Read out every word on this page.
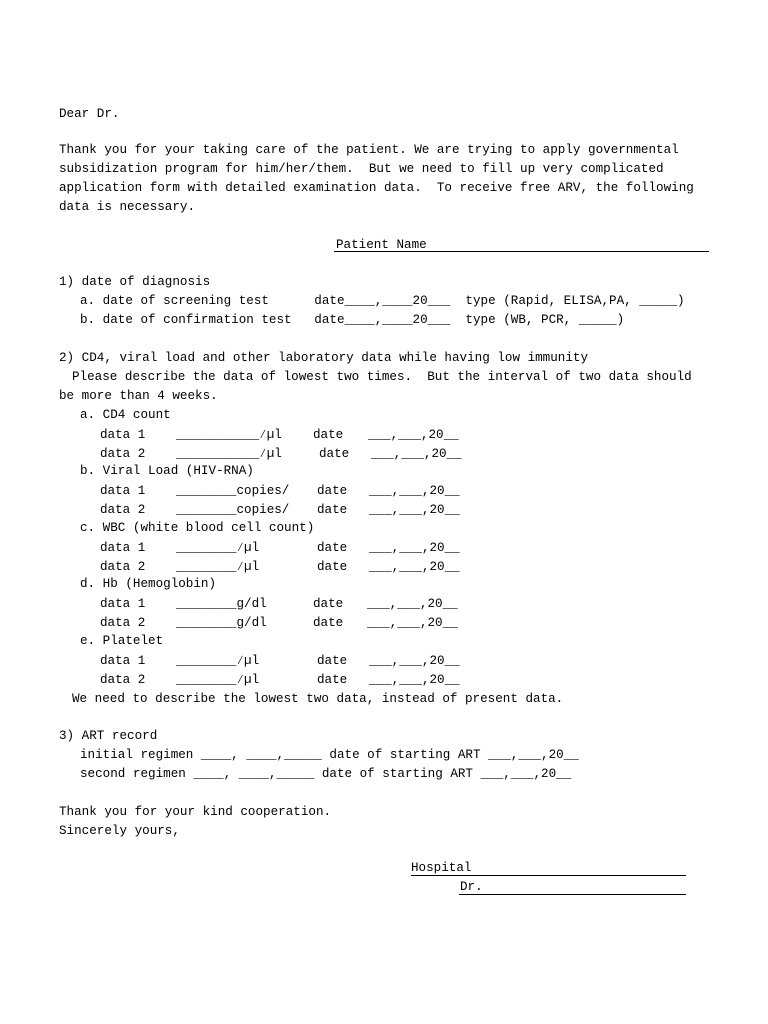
Dear Dr.
Thank you for your taking care of the patient. We are trying to apply governmental
subsidization program for him/her/them.  But we need to fill up very complicated
application form with detailed examination data.  To receive free ARV, the following
data is necessary.
Patient Name
1) date of diagnosis
a. date of screening test      date____,____20___  type (Rapid, ELISA,PA, _____)
b. date of confirmation test   date____,____20___  type (WB, PCR, _____)
2) CD4, viral load and other laboratory data while having low immunity
Please describe the data of lowest two times.  But the interval of two data should
be more than 4 weeks.
a. CD4 count
data 1 ___________∕µl date ___,___,20__
data 2 ___________∕µl	date ___,___,20__
b. Viral Load (HIV-RNA)
data 1 ________copies/ date ___,___,20__
data 2 ________copies/ date ___,___,20__
c. WBC (white blood cell count)
data 1 ________∕µl	date ___,___,20__
data 2 ________∕µl	date ___,___,20__
d. Hb (Hemoglobin)
data 1 ________g/dl	date ___,___,20__
data 2 ________g/dl	date ___,___,20__
e. Platelet
data 1 ________∕µl	date ___,___,20__
data 2 ________∕µl	date ___,___,20__
We need to describe the lowest two data, instead of present data.
3) ART record
initial regimen ____, ____,_____ date of starting ART ___,___,20__
second regimen ____, ____,_____ date of starting ART ___,___,20__
Thank you for your kind cooperation.
Sincerely yours,
Hospital
Dr.
